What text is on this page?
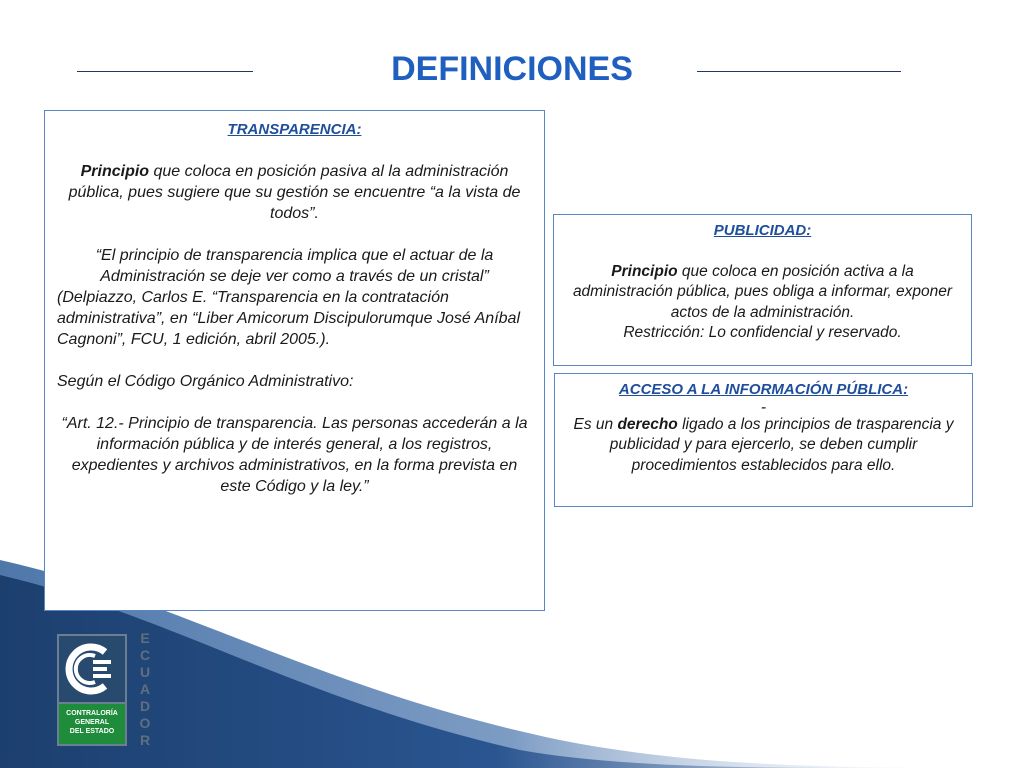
DEFINICIONES

TRANSPARENCIA:

Principio que coloca en posición pasiva al la administración pública, pues sugiere que su gestión se encuentre “a la vista de todos”.

“El principio de transparencia implica que el actuar de la Administración se deje ver como a través de un cristal”

(Delpiazzo, Carlos E. “Transparencia en la contratación administrativa”, en “Liber Amicorum Discipulorumque José Aníbal Cagnoni”, FCU, 1 edición, abril 2005.).

Según el Código Orgánico Administrativo:

“Art. 12.- Principio de transparencia. Las personas accederán a la información pública y de interés general, a los registros, expedientes y archivos administrativos, en la forma prevista en este Código y la ley.”

PUBLICIDAD:

Principio que coloca en posición activa a la administración pública, pues obliga a informar, exponer actos de la administración.

Restricción: Lo confidencial y reservado.

ACCESO A LA INFORMACIÓN PÚBLICA:

-

Es un derecho ligado a los principios de trasparencia y publicidad y para ejercerlo, se deben cumplir procedimientos establecidos para ello.

CONTRALORÍA
GENERAL
DEL ESTADO
E
C
U
A
D
O
R
